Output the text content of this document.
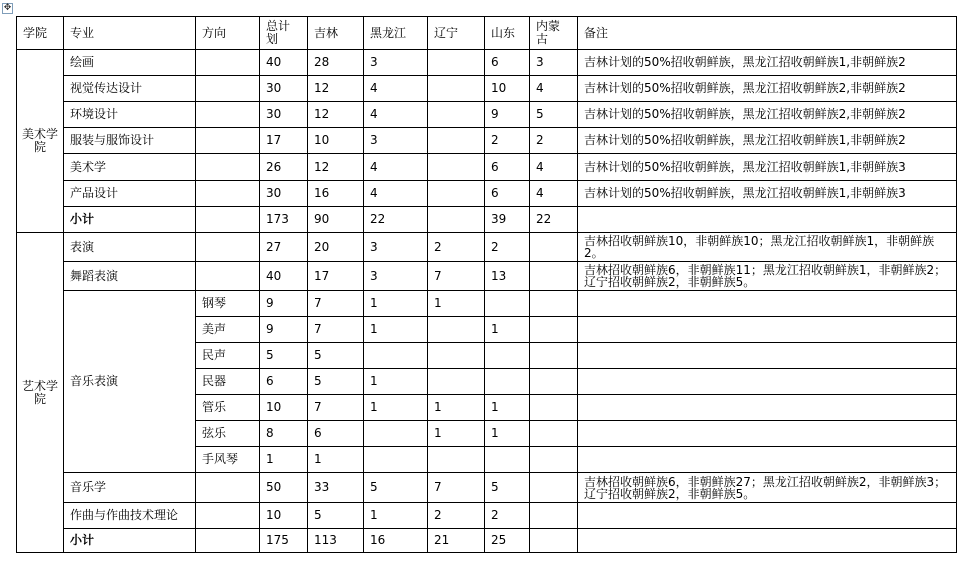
✥
学院	专业	方向	总计划	吉林	黑龙江	辽宁	山东	内蒙古	备注
美术学院	绘画		40	28	3		6	3	吉林计划的50%招收朝鲜族，黑龙江招收朝鲜族1,非朝鲜族2
	视觉传达设计		30	12	4		10	4	吉林计划的50%招收朝鲜族，黑龙江招收朝鲜族2,非朝鲜族2
	环境设计		30	12	4		9	5	吉林计划的50%招收朝鲜族，黑龙江招收朝鲜族2,非朝鲜族2
	服装与服饰设计		17	10	3		2	2	吉林计划的50%招收朝鲜族，黑龙江招收朝鲜族1,非朝鲜族2
	美术学		26	12	4		6	4	吉林计划的50%招收朝鲜族，黑龙江招收朝鲜族1,非朝鲜族3
	产品设计		30	16	4		6	4	吉林计划的50%招收朝鲜族，黑龙江招收朝鲜族1,非朝鲜族3
	小计		173	90	22		39	22	
艺术学院	表演		27	20	3	2	2		吉林招收朝鲜族10，非朝鲜族10；黑龙江招收朝鲜族1，非朝鲜族2。
	舞蹈表演		40	17	3	7	13		吉林招收朝鲜族6，非朝鲜族11；黑龙江招收朝鲜族1，非朝鲜族2；辽宁招收朝鲜族2，非朝鲜族5。
	音乐表演	钢琴	9	7	1	1			
		美声	9	7	1		1		
		民声	5	5					
		民器	6	5	1				
		管乐	10	7	1	1	1		
		弦乐	8	6		1	1		
		手风琴	1	1					
	音乐学		50	33	5	7	5		吉林招收朝鲜族6，非朝鲜族27；黑龙江招收朝鲜族2，非朝鲜族3；辽宁招收朝鲜族2，非朝鲜族5。
	作曲与作曲技术理论		10	5	1	2	2		
	小计		175	113	16	21	25		
